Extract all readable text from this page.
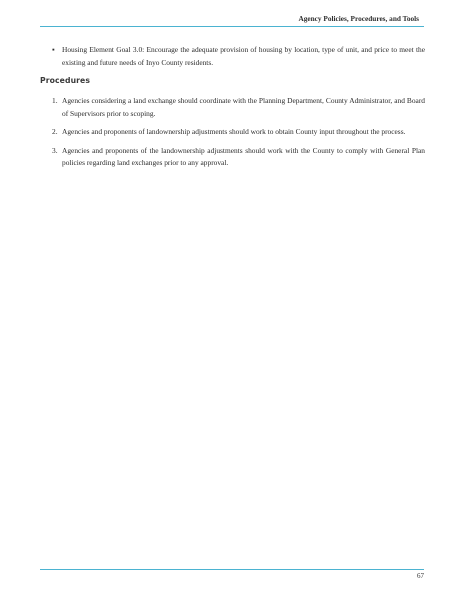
Agency Policies, Procedures, and Tools
▪ Housing Element Goal 3.0: Encourage the adequate provision of housing by location, type of unit, and price to meet the existing and future needs of Inyo County residents.
Procedures
1. Agencies considering a land exchange should coordinate with the Planning Department, County Administrator, and Board of Supervisors prior to scoping.
2. Agencies and proponents of landownership adjustments should work to obtain County input throughout the process.
3. Agencies and proponents of the landownership adjustments should work with the County to comply with General Plan policies regarding land exchanges prior to any approval.
67
